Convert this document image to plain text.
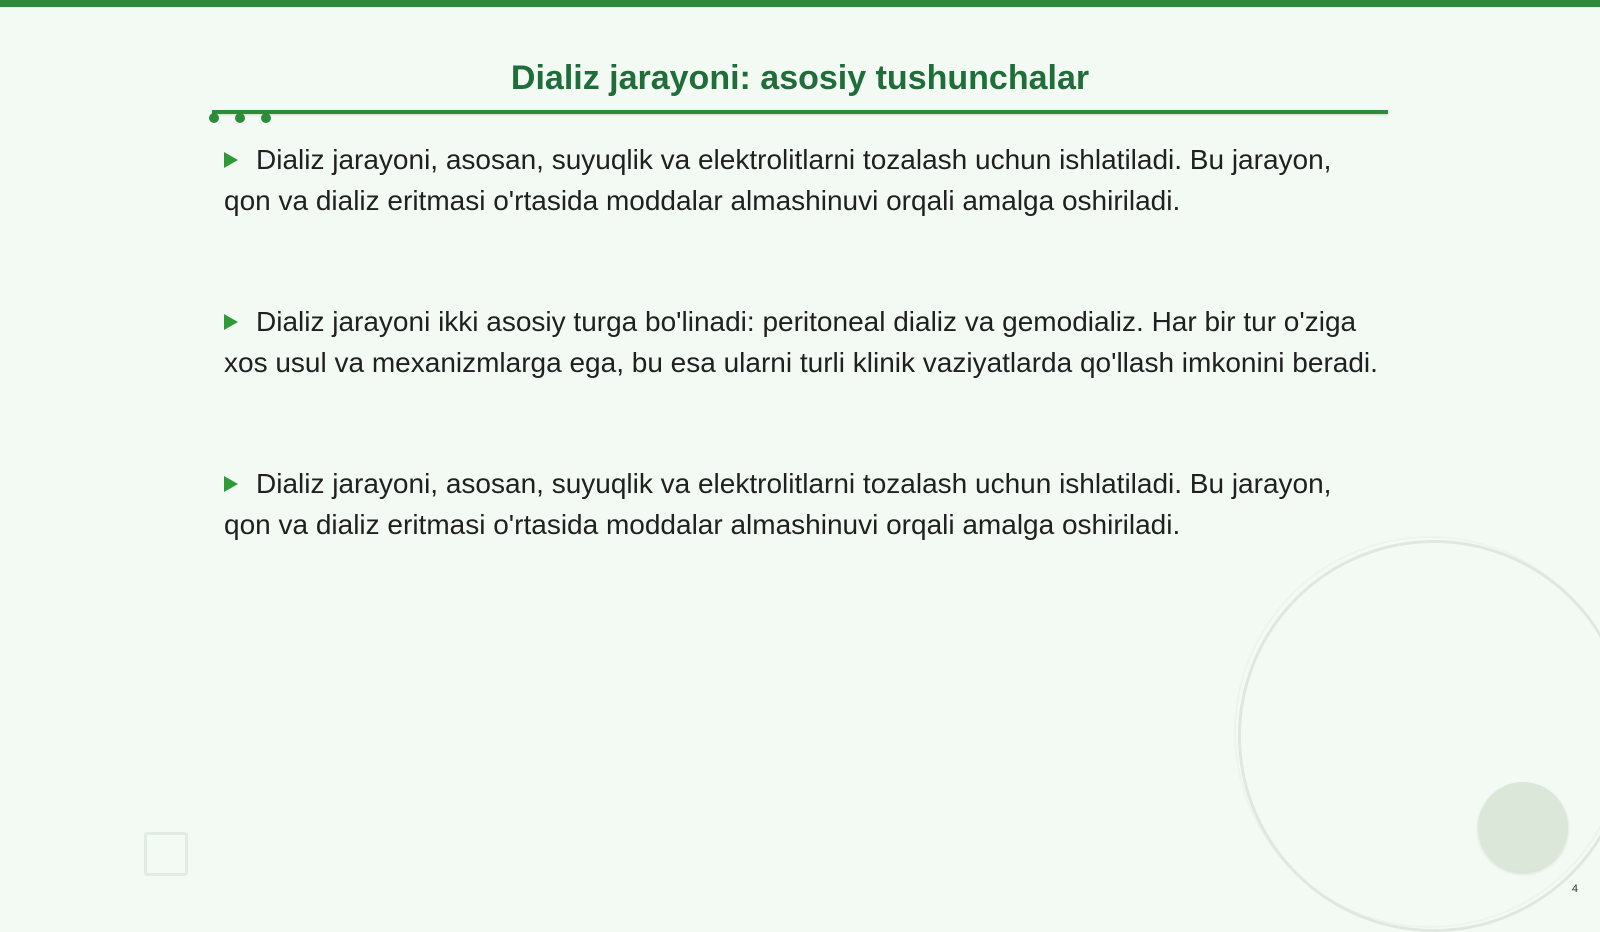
Dializ jarayoni: asosiy tushunchalar

Dializ jarayoni, asosan, suyuqlik va elektrolitlarni tozalash uchun ishlatiladi. Bu jarayon, qon va dializ eritmasi o'rtasida moddalar almashinuvi orqali amalga oshiriladi.

Dializ jarayoni ikki asosiy turga bo'linadi: peritoneal dializ va gemodializ. Har bir tur o'ziga xos usul va mexanizmlarga ega, bu esa ularni turli klinik vaziyatlarda qo'llash imkonini beradi.

Dializ jarayoni, asosan, suyuqlik va elektrolitlarni tozalash uchun ishlatiladi. Bu jarayon, qon va dializ eritmasi o'rtasida moddalar almashinuvi orqali amalga oshiriladi.

4
